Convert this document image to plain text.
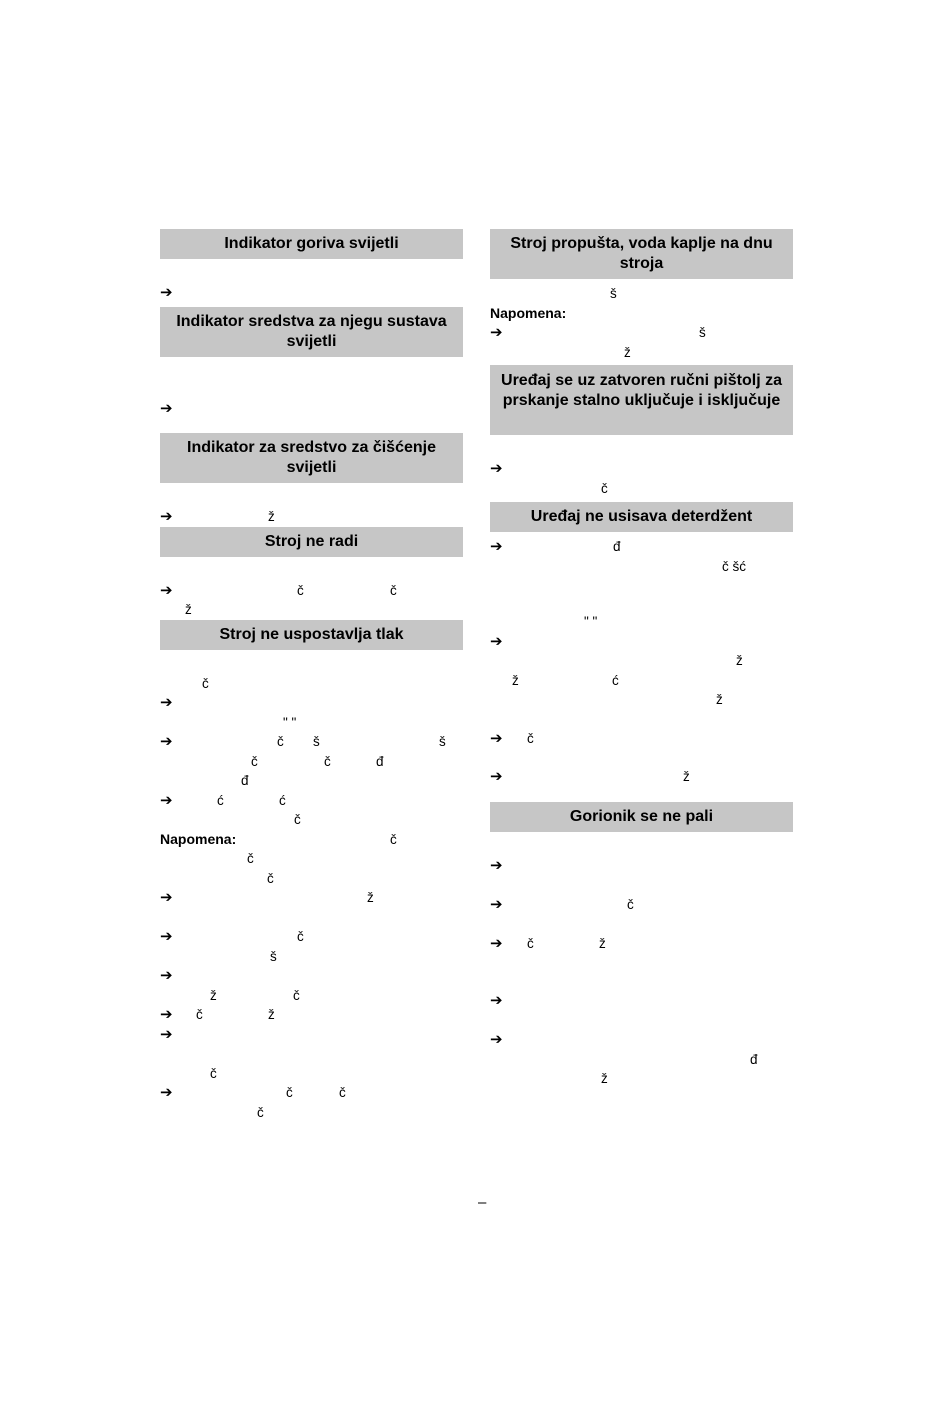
Indikator goriva svijetli
➔
Indikator sredstva za njegu sustava svijetli
➔
Indikator za sredstvo za čišćenje svijetli
➔	ž
Stroj ne radi
➔	č	č
ž
Stroj ne uspostavlja tlak
č
➔
" "
➔	č š	š
č	č	đ
đ
➔	ć	ć
č
Napomena:	č
č
č
➔	ž
➔	č
š
➔
ž	č
➔ č	ž
➔
č
➔	č	č
č
Stroj propušta, voda kaplje na dnu stroja
š
Napomena:
➔	š
ž
Uređaj se uz zatvoren ručni pištolj za prskanje stalno uključuje i isključuje
➔
č
Uređaj ne usisava deterdžent
➔	đ
č šć
" "
➔
ž
ž	ć
ž
➔ č
➔	ž
Gorionik se ne pali
➔
➔	č
➔ č	ž
➔
➔
đ
ž
–
